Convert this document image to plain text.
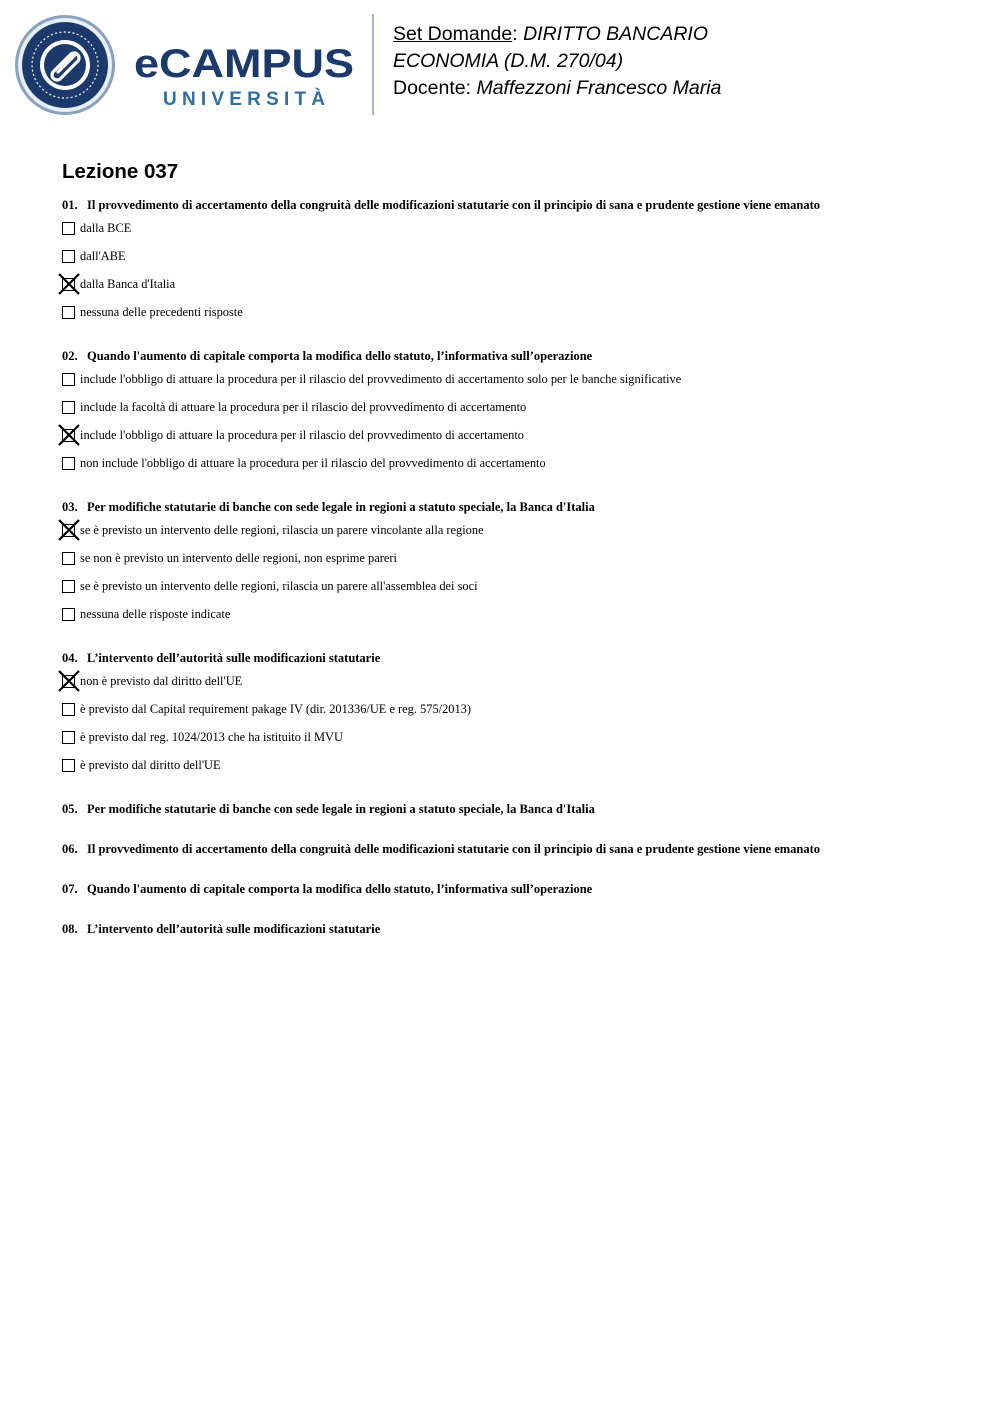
eCAMPUS
UNIVERSITÀ
Set Domande: DIRITTO BANCARIO
ECONOMIA (D.M. 270/04)
Docente: Maffezzoni Francesco Maria
Lezione 037
01. Il provvedimento di accertamento della congruità delle modificazioni statutarie con il principio di sana e prudente gestione viene emanato
dalla BCE
dall'ABE
dalla Banca d'Italia
nessuna delle precedenti risposte
02. Quando l'aumento di capitale comporta la modifica dello statuto, l’informativa sull’operazione
include l'obbligo di attuare la procedura per il rilascio del provvedimento di accertamento solo per le banche significative
include la facoltà di attuare la procedura per il rilascio del provvedimento di accertamento
include l'obbligo di attuare la procedura per il rilascio del provvedimento di accertamento
non include l'obbligo di attuare la procedura per il rilascio del provvedimento di accertamento
03. Per modifiche statutarie di banche con sede legale in regioni a statuto speciale, la Banca d'Italia
se è previsto un intervento delle regioni, rilascia un parere vincolante alla regione
se non è previsto un intervento delle regioni, non esprime pareri
se è previsto un intervento delle regioni, rilascia un parere all'assemblea dei soci
nessuna delle risposte indicate
04. L’intervento dell’autorità sulle modificazioni statutarie
non è previsto dal diritto dell'UE
è previsto dal Capital requirement pakage IV (dir. 201336/UE e reg. 575/2013)
è previsto dal reg. 1024/2013 che ha istituito il MVU
è previsto dal diritto dell'UE
05. Per modifiche statutarie di banche con sede legale in regioni a statuto speciale, la Banca d'Italia
06. Il provvedimento di accertamento della congruità delle modificazioni statutarie con il principio di sana e prudente gestione viene emanato
07. Quando l'aumento di capitale comporta la modifica dello statuto, l’informativa sull’operazione
08. L’intervento dell’autorità sulle modificazioni statutarie
